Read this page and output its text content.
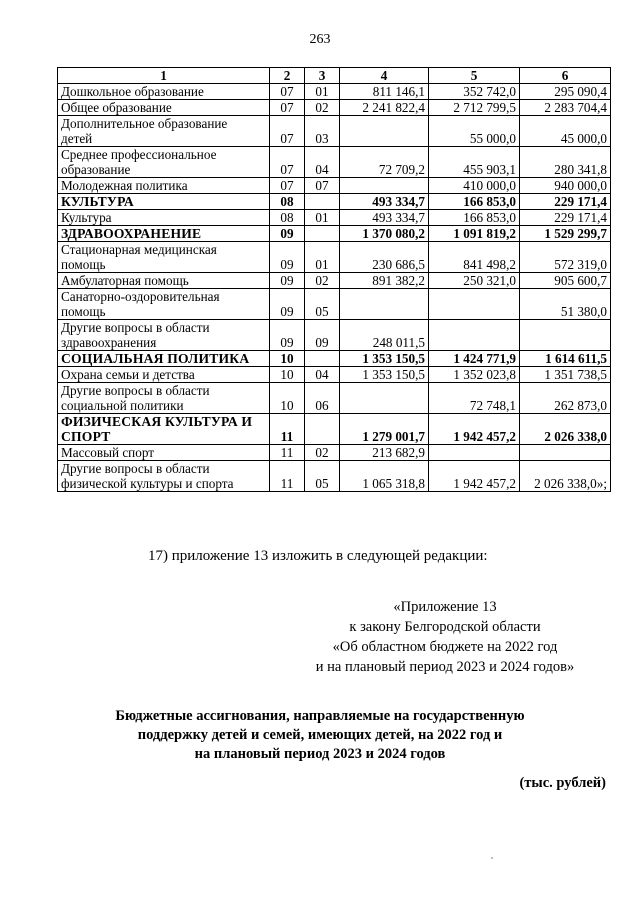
263
1	2	3	4	5	6

Дошкольное образование	07	01	811 146,1	352 742,0	295 090,4

Общее образование	07	02	2 241 822,4	2 712 799,5	2 283 704,4

Дополнительное образование
детей	07	03		55 000,0	45 000,0

Среднее профессиональное
образование	07	04	72 709,2	455 903,1	280 341,8

Молодежная политика	07	07		410 000,0	940 000,0

КУЛЬТУРА	08		493 334,7	166 853,0	229 171,4

Культура	08	01	493 334,7	166 853,0	229 171,4

ЗДРАВООХРАНЕНИЕ	09		1 370 080,2	1 091 819,2	1 529 299,7

Стационарная медицинская
помощь	09	01	230 686,5	841 498,2	572 319,0

Амбулаторная помощь	09	02	891 382,2	250 321,0	905 600,7

Санаторно-оздоровительная
помощь	09	05			51 380,0

Другие вопросы в области
здравоохранения	09	09	248 011,5		

СОЦИАЛЬНАЯ ПОЛИТИКА	10		1 353 150,5	1 424 771,9	1 614 611,5

Охрана семьи и детства	10	04	1 353 150,5	1 352 023,8	1 351 738,5

Другие вопросы в области
социальной политики	10	06		72 748,1	262 873,0

ФИЗИЧЕСКАЯ КУЛЬТУРА И
СПОРТ	11		1 279 001,7	1 942 457,2	2 026 338,0

Массовый спорт	11	02	213 682,9		

Другие вопросы в области
физической культуры и спорта	11	05	1 065 318,8	1 942 457,2	2 026 338,0»;
17) приложение 13 изложить в следующей редакции:
«Приложение 13
к закону Белгородской области
«Об областном бюджете на 2022 год
и на плановый период 2023 и 2024 годов»
Бюджетные ассигнования, направляемые на государственную
поддержку детей и семей, имеющих детей, на 2022 год и
на плановый период 2023 и 2024 годов
(тыс. рублей)
